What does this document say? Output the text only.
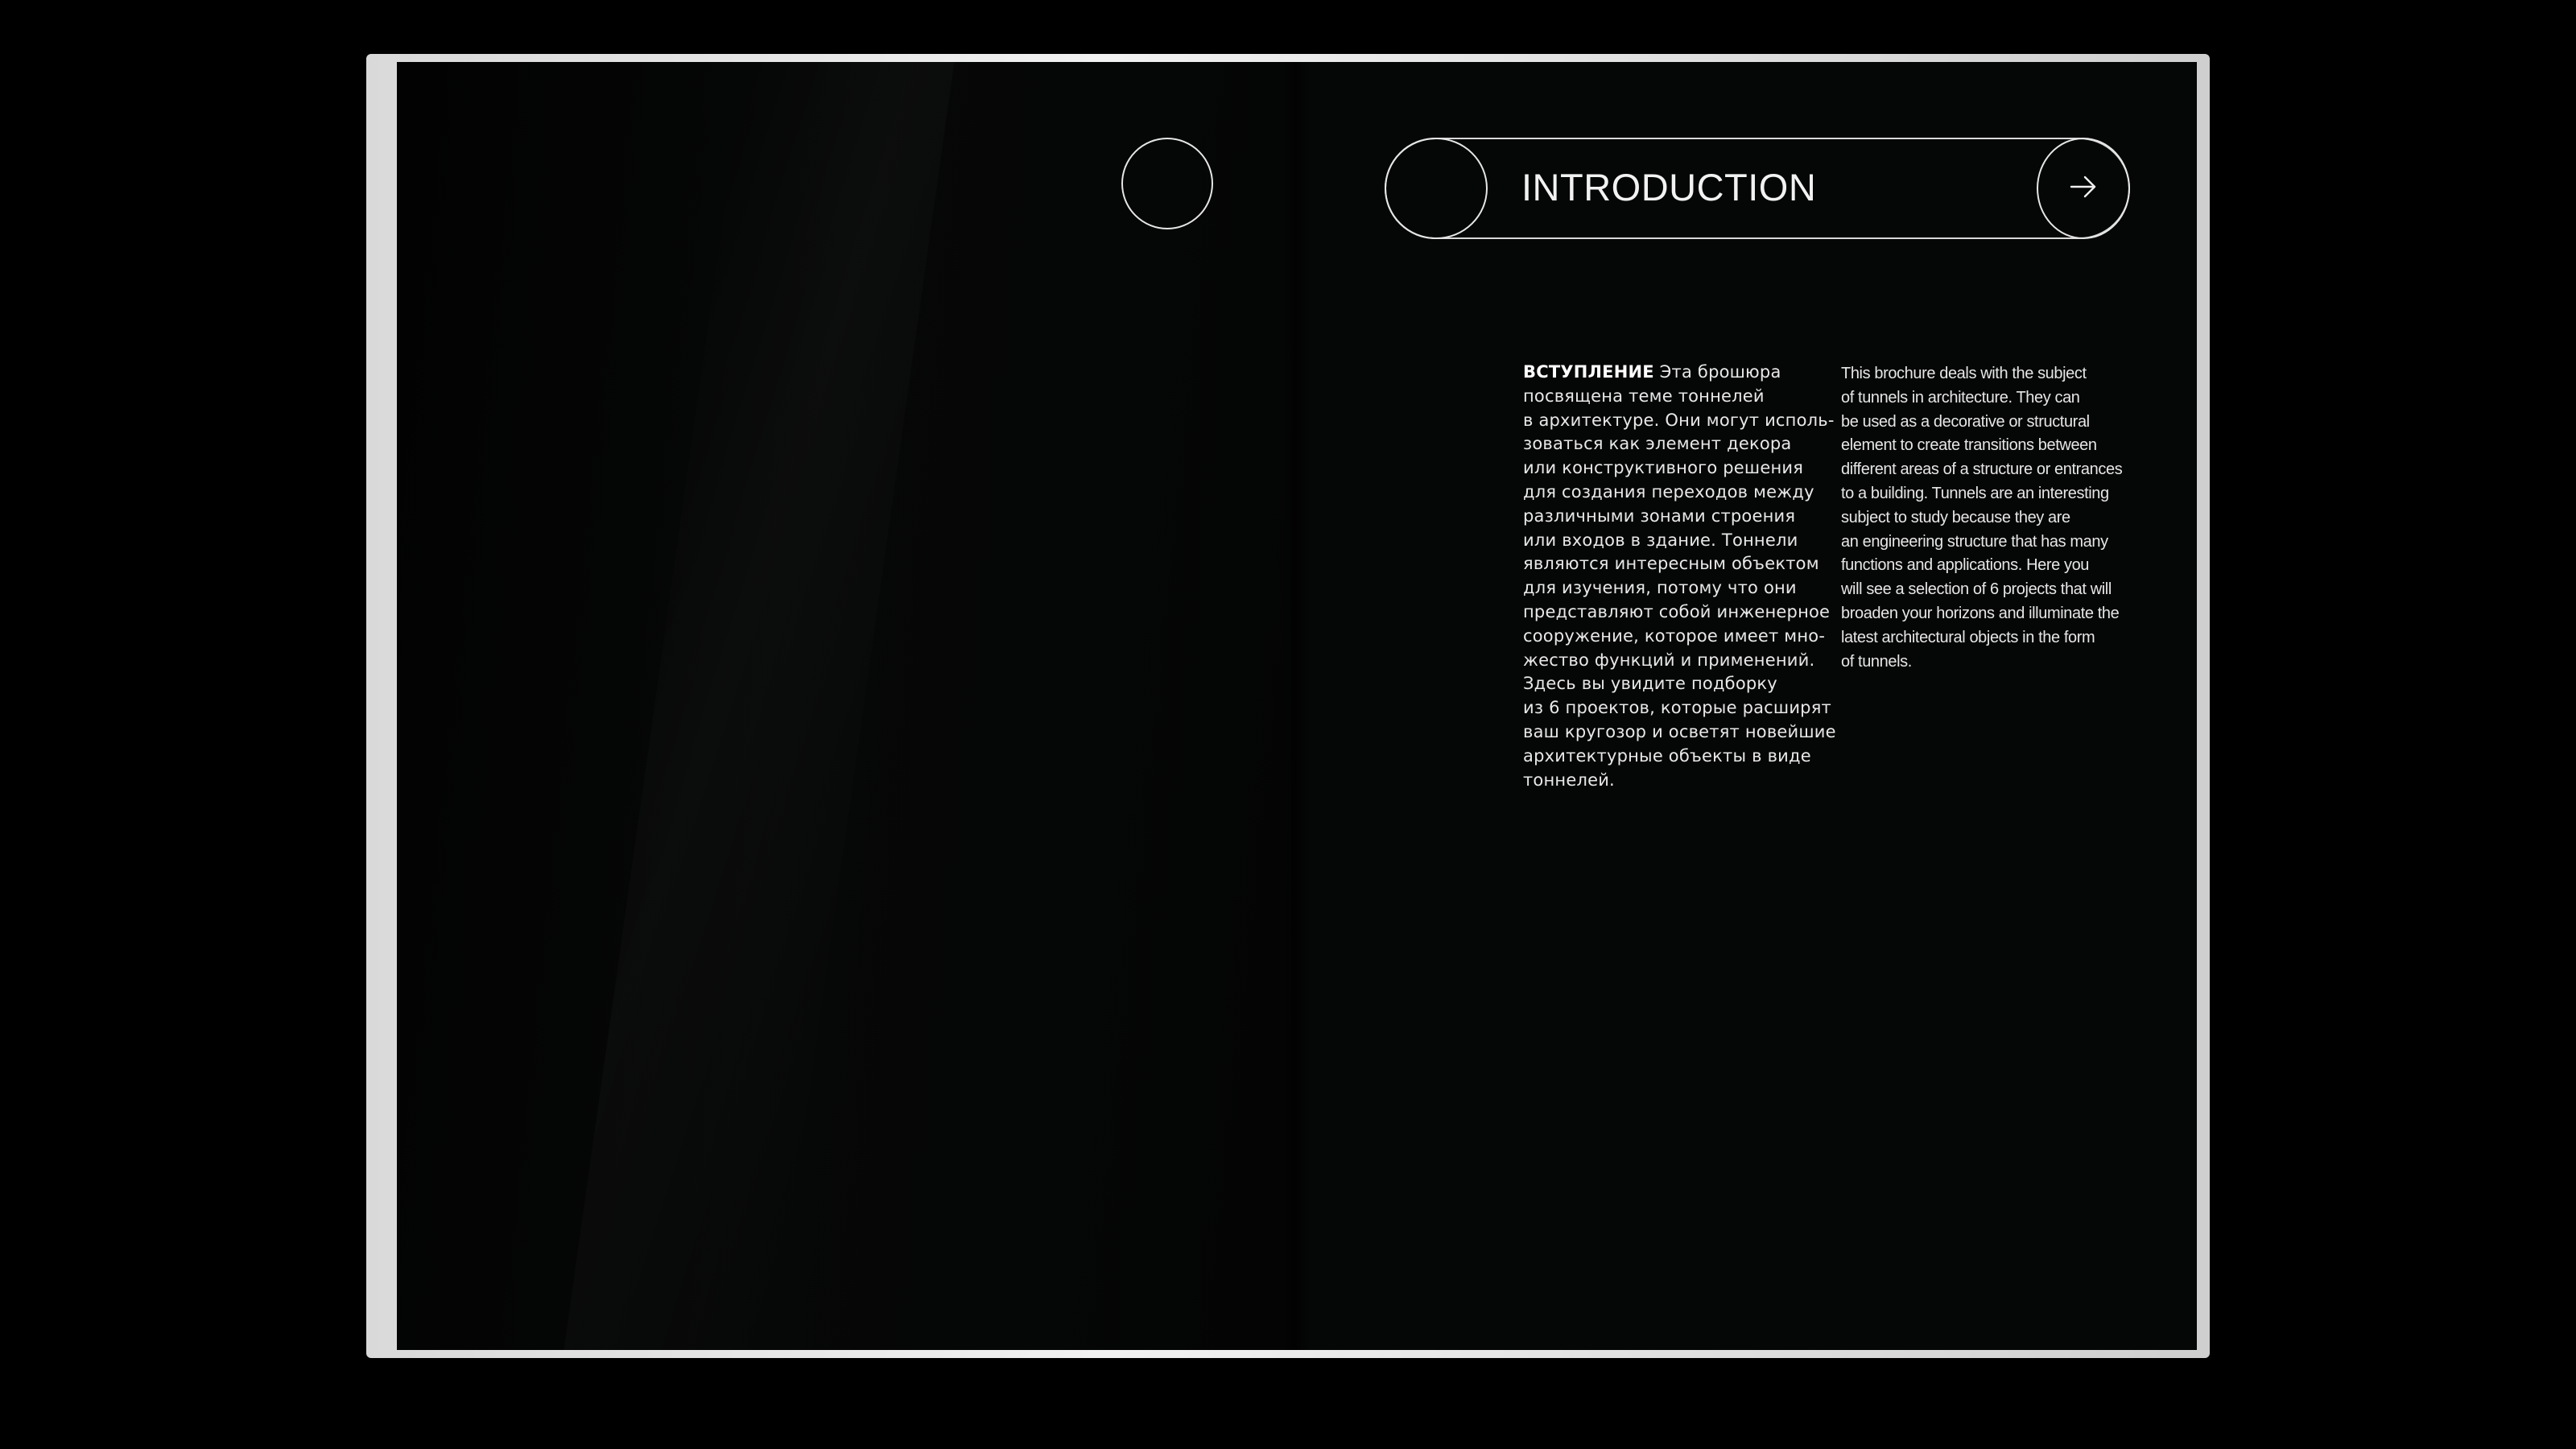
INTRODUCTION
ВСТУПЛЕНИЕ Эта брошюра
посвящена теме тоннелей
в архитектуре. Они могут исполь-
зоваться как элемент декора
или конструктивного решения
для создания переходов между
различными зонами строения
или входов в здание. Тоннели
являются интересным объектом
для изучения, потому что они
представляют собой инженерное
сооружение, которое имеет мно-
жество функций и применений.
Здесь вы увидите подборку
из 6 проектов, которые расширят
ваш кругозор и осветят новейшие
архитектурные объекты в виде
тоннелей.
This brochure deals with the subject
of tunnels in architecture. They can
be used as a decorative or structural
element to create transitions between
different areas of a structure or entrances
to a building. Tunnels are an interesting
subject to study because they are
an engineering structure that has many
functions and applications. Here you
will see a selection of 6 projects that will
broaden your horizons and illuminate the
latest architectural objects in the form
of tunnels.
